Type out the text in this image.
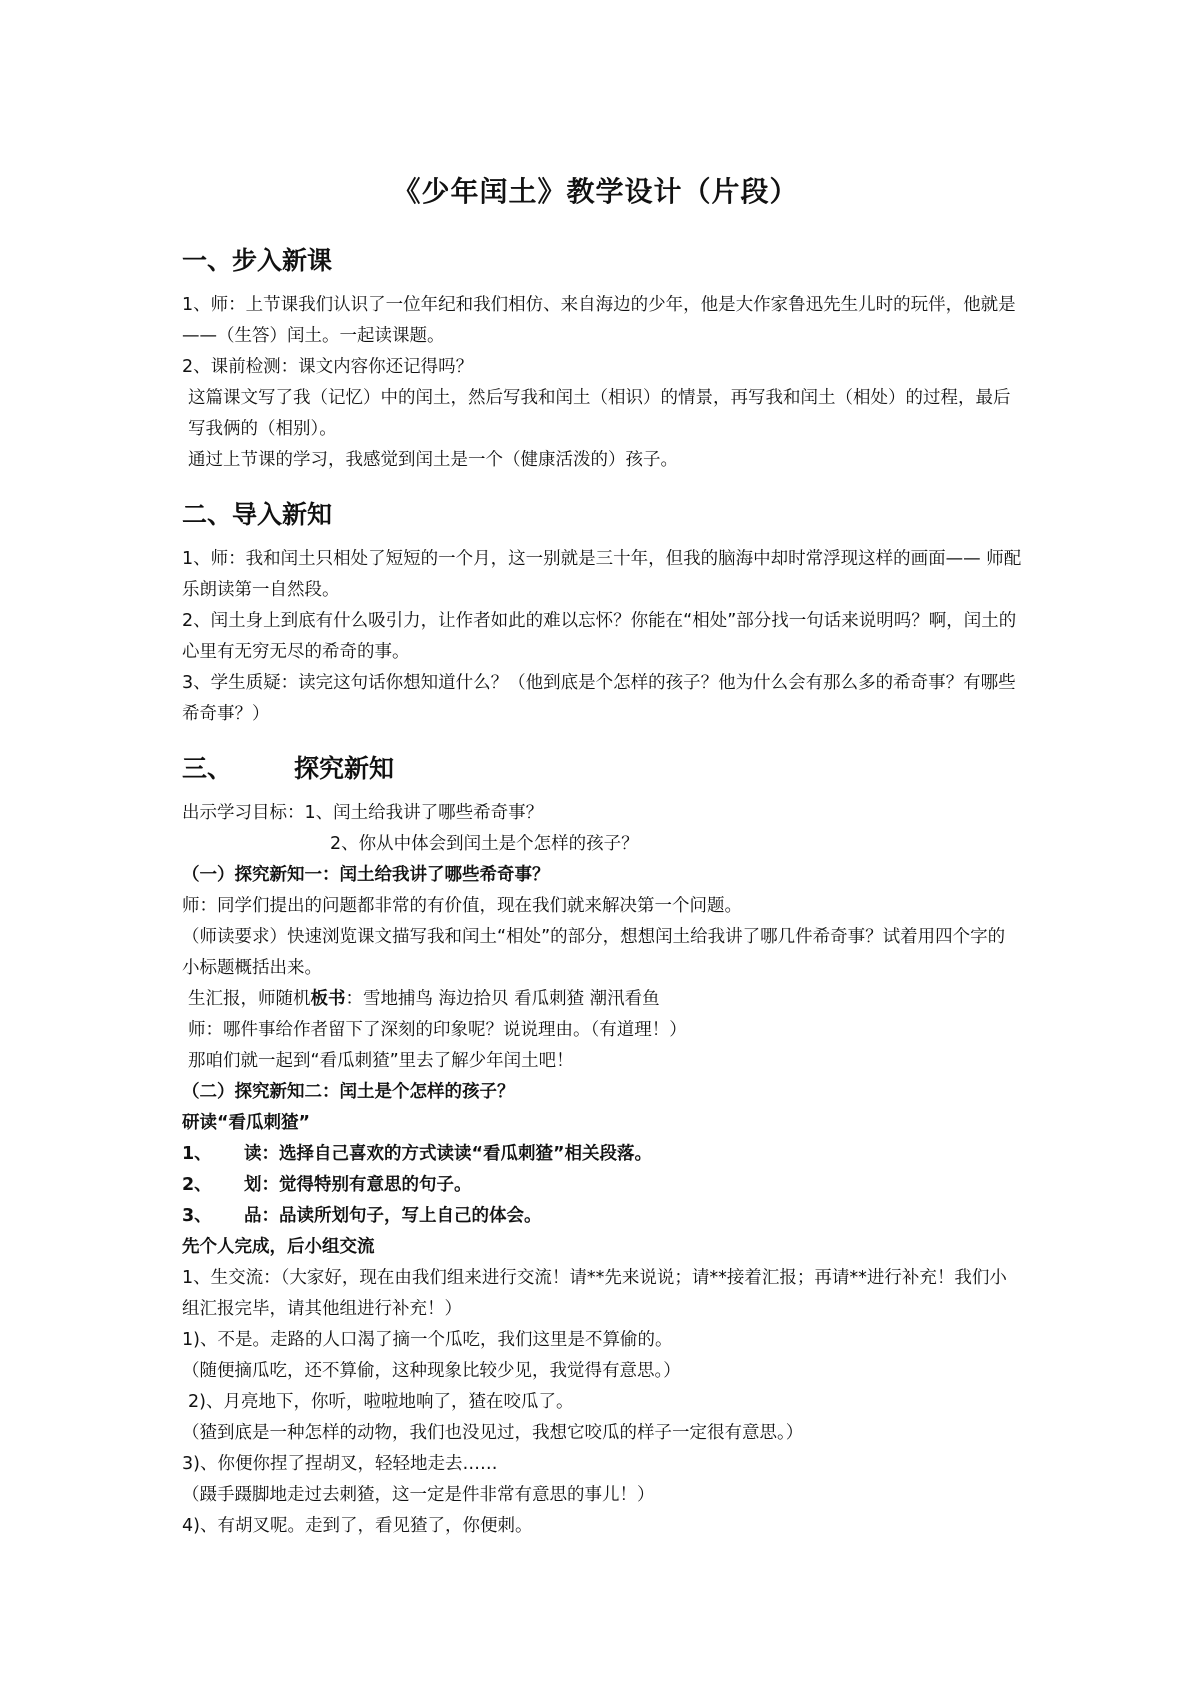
《少年闰土》教学设计（片段）
一、步入新课

1、师：上节课我们认识了一位年纪和我们相仿、来自海边的少年，他是大作家鲁迅先生儿时的玩伴，他就是——（生答）闰土。一起读课题。

2、课前检测：课文内容你还记得吗？

这篇课文写了我（记忆）中的闰土，然后写我和闰土（相识）的情景，再写我和闰土（相处）的过程，最后写我俩的（相别）。

通过上节课的学习，我感觉到闰土是一个（健康活泼的）孩子。

二、导入新知

1、师：我和闰土只相处了短短的一个月，这一别就是三十年，但我的脑海中却时常浮现这样的画面—— 师配乐朗读第一自然段。

2、闰土身上到底有什么吸引力，让作者如此的难以忘怀？你能在“相处”部分找一句话来说明吗？啊，闰土的心里有无穷无尽的希奇的事。

3、学生质疑：读完这句话你想知道什么？（他到底是个怎样的孩子？他为什么会有那么多的希奇事？有哪些希奇事？）

三、 探究新知

出示学习目标：1、闰土给我讲了哪些希奇事？

2、你从中体会到闰土是个怎样的孩子？

（一）探究新知一：闰土给我讲了哪些希奇事？

师：同学们提出的问题都非常的有价值，现在我们就来解决第一个问题。

（师读要求）快速浏览课文描写我和闰土“相处”的部分，想想闰土给我讲了哪几件希奇事？试着用四个字的小标题概括出来。

生汇报，师随机板书：雪地捕鸟 海边拾贝 看瓜刺猹 潮汛看鱼

师：哪件事给作者留下了深刻的印象呢？说说理由。（有道理！）

那咱们就一起到“看瓜刺猹”里去了解少年闰土吧！

（二）探究新知二：闰土是个怎样的孩子？

研读“看瓜刺猹”

1、 读：选择自己喜欢的方式读读“看瓜刺猹”相关段落。

2、 划：觉得特别有意思的句子。

3、 品：品读所划句子，写上自己的体会。

先个人完成，后小组交流

1、生交流：（大家好，现在由我们组来进行交流！请**先来说说；请**接着汇报；再请**进行补充！我们小组汇报完毕，请其他组进行补充！）

1)、不是。走路的人口渴了摘一个瓜吃，我们这里是不算偷的。

（随便摘瓜吃，还不算偷，这种现象比较少见，我觉得有意思。）

2)、月亮地下，你听，啦啦地响了，猹在咬瓜了。

（猹到底是一种怎样的动物，我们也没见过，我想它咬瓜的样子一定很有意思。）

3)、你便你捏了捏胡叉，轻轻地走去……

（蹑手蹑脚地走过去刺猹，这一定是件非常有意思的事儿！）

4)、有胡叉呢。走到了，看见猹了，你便刺。
